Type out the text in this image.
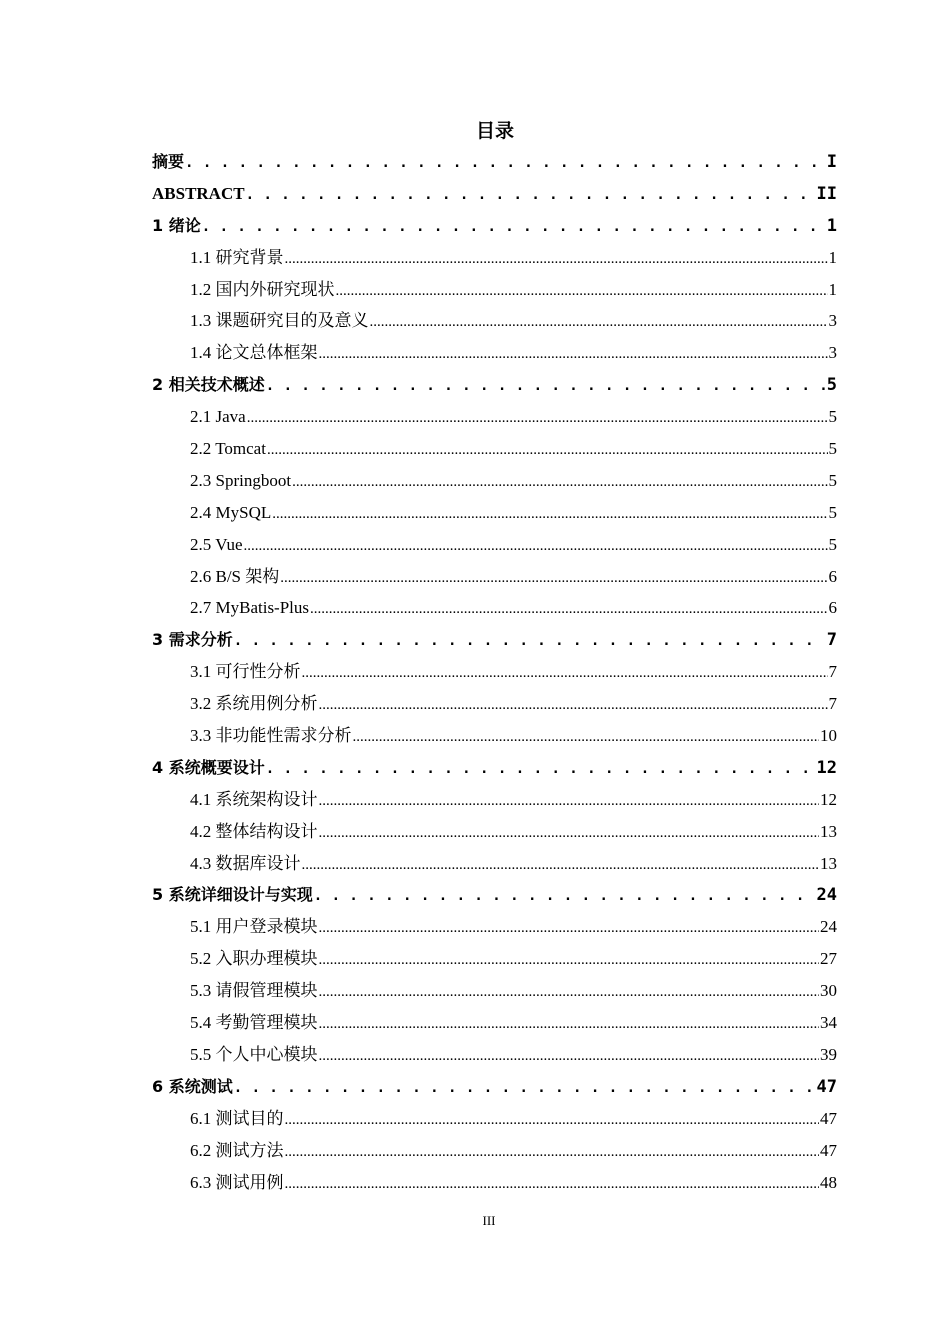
目录
摘要 . . .	I
ABSTRACT . . .	II
1 绪论 . . .	1
1.1 研究背景 .....	1
1.2 国内外研究现状 .....	1
1.3 课题研究目的及意义 .....	3
1.4 论文总体框架 .....	3
2 相关技术概述 . . .	5
2.1 Java .....	5
2.2 Tomcat .....	5
2.3 Springboot .....	5
2.4 MySQL .....	5
2.5 Vue .....	5
2.6 B/S 架构 .....	6
2.7 MyBatis-Plus .....	6
3 需求分析 . . .	7
3.1 可行性分析 .....	7
3.2 系统用例分析 .....	7
3.3 非功能性需求分析 .....	10
4 系统概要设计 . . .	12
4.1 系统架构设计 .....	12
4.2 整体结构设计 .....	13
4.3 数据库设计 .....	13
5 系统详细设计与实现 . . .	24
5.1 用户登录模块 .....	24
5.2 入职办理模块 .....	27
5.3 请假管理模块 .....	30
5.4 考勤管理模块 .....	34
5.5 个人中心模块 .....	39
6 系统测试 . . .	47
6.1 测试目的 .....	47
6.2 测试方法 .....	47
6.3 测试用例 .....	48
III
